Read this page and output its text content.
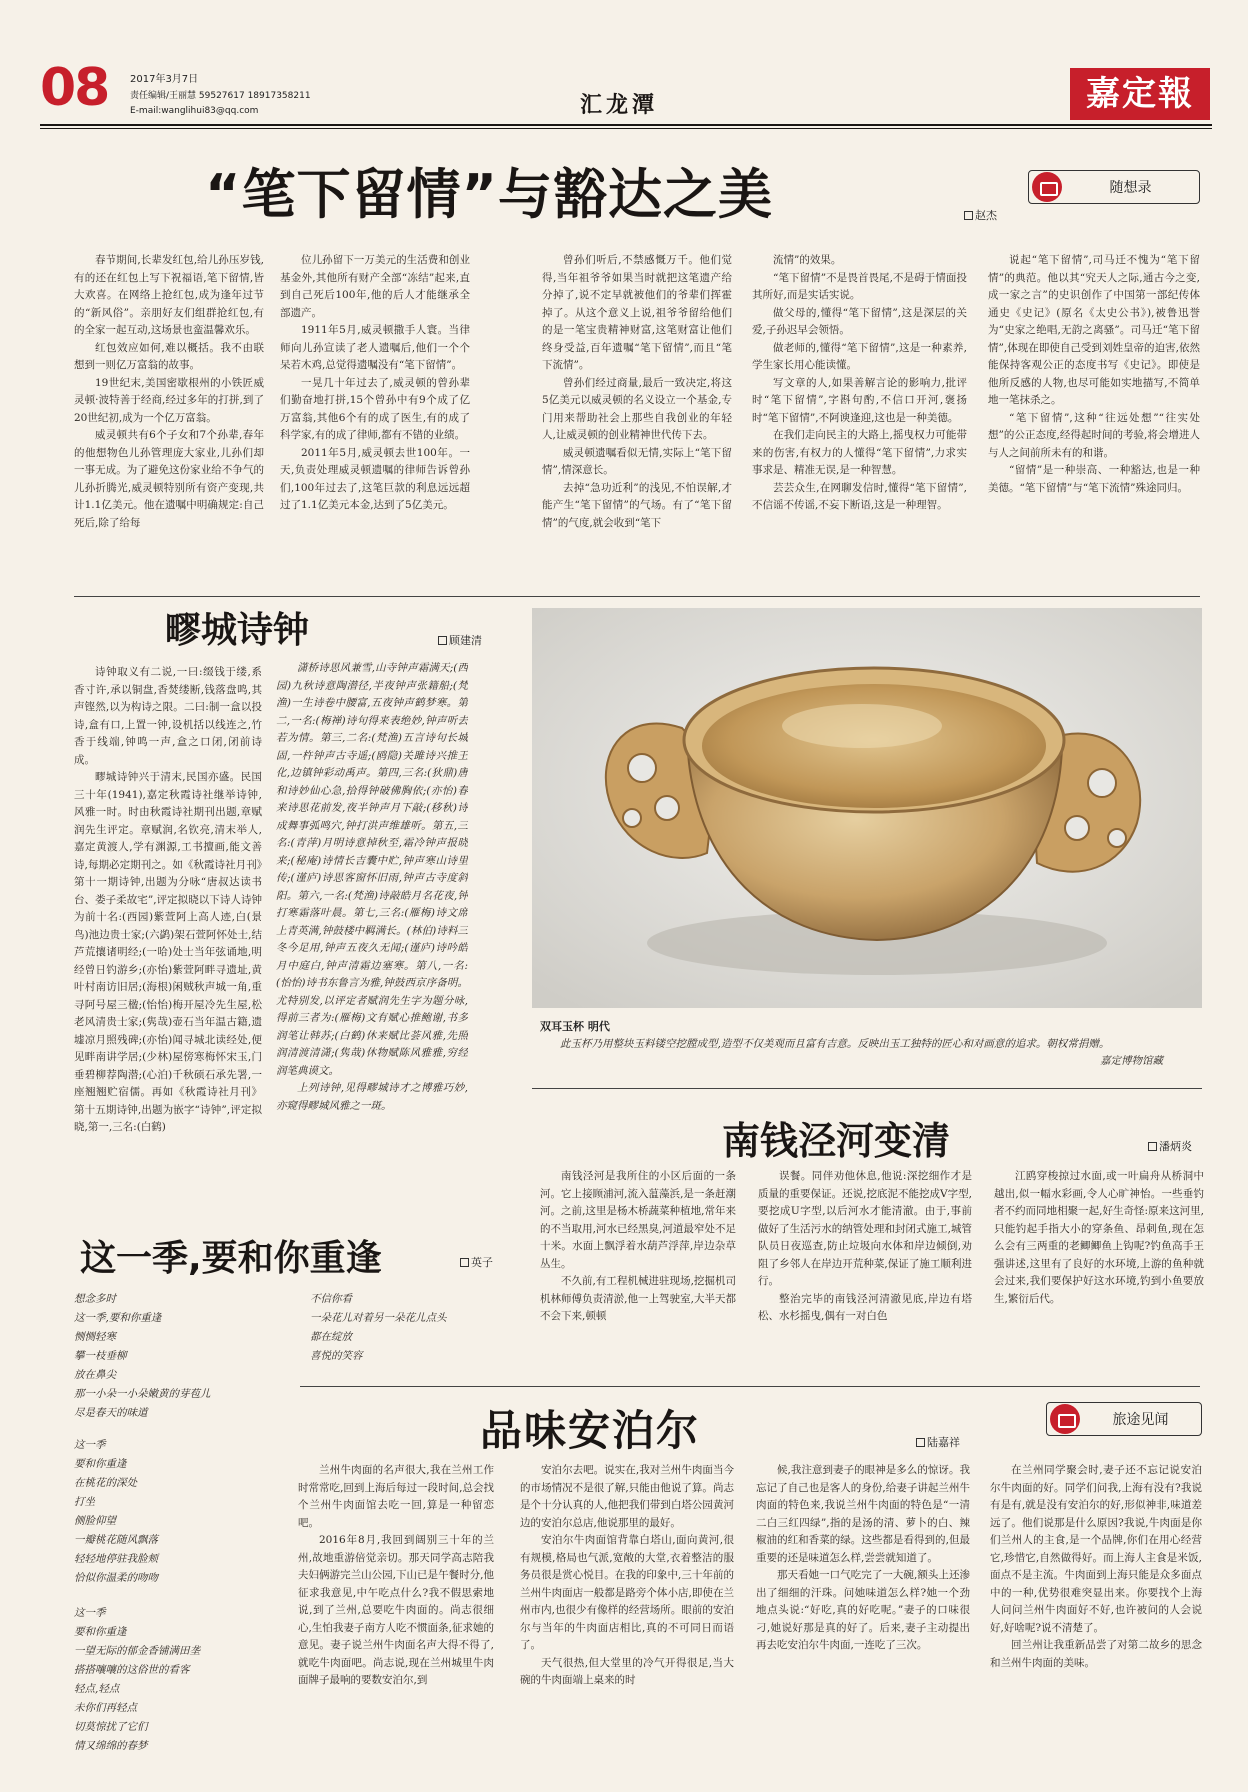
08 2017年3月7日
责任编辑/王丽慧 59527617 18917358211
E-mail:wanglihui83@qq.com	汇龙潭	嘉定報
“笔下留情”与豁达之美	随想录
赵杰

春节期间,长辈发红包,给儿孙压岁钱,有的还在红包上写下祝福语,笔下留情,皆大欢喜。在网络上抢红包,成为逢年过节的“新风俗”。亲朋好友们组群抢红包,有的全家一起互动,这场景也蛮温馨欢乐。

红包效应如何,难以概括。我不由联想到一则亿万富翁的故事。

19世纪末,美国密歇根州的小铁匠威灵顿·波特善于经商,经过多年的打拼,到了20世纪初,成为一个亿万富翁。

威灵顿共有6个子女和7个孙辈,春年的他想物色儿孙管理庞大家业,儿孙们却一事无成。为了避免这份家业给不争气的儿孙折腾光,威灵顿特别所有资产变现,共计1.1亿美元。他在遗嘱中明确规定:自己死后,除了给每

位儿孙留下一万美元的生活费和创业基金外,其他所有财产全部“冻结”起来,直到自己死后100年,他的后人才能继承全部遗产。

1911年5月,威灵顿撒手人寰。当律师向儿孙宣读了老人遗嘱后,他们一个个呆若木鸡,总觉得遗嘱没有“笔下留情”。

一晃几十年过去了,威灵顿的曾孙辈们勤奋地打拼,15个曾孙中有9个成了亿万富翁,其他6个有的成了医生,有的成了科学家,有的成了律师,都有不错的业绩。

2011年5月,威灵顿去世100年。一天,负责处理威灵顿遗嘱的律师告诉曾孙们,100年过去了,这笔巨款的利息远远超过了1.1亿美元本金,达到了5亿美元。

曾孙们听后,不禁感慨万千。他们觉得,当年祖爷爷如果当时就把这笔遗产给分掉了,说不定早就被他们的爷辈们挥霍掉了。从这个意义上说,祖爷爷留给他们的是一笔宝贵精神财富,这笔财富让他们终身受益,百年遗嘱“笔下留情”,而且“笔下流情”。

曾孙们经过商量,最后一致决定,将这5亿美元以威灵顿的名义设立一个基金,专门用来帮助社会上那些自我创业的年轻人,让威灵顿的创业精神世代传下去。

威灵顿遗嘱看似无情,实际上“笔下留情”,情深意长。

去掉“急功近利”的浅见,不怕误解,才能产生“笔下留情”的气场。有了“笔下留情”的气度,就会收到“笔下

流情”的效果。

“笔下留情”不是畏首畏尾,不是碍于情面投其所好,而是实话实说。

做父母的,懂得“笔下留情”,这是深层的关爱,子孙迟早会领悟。

做老师的,懂得“笔下留情”,这是一种素养,学生家长用心能读懂。

写文章的人,如果善解言论的影响力,批评时“笔下留情”,字斟句酌,不信口开河,褒扬时“笔下留情”,不阿谀逢迎,这也是一种美德。

在我们走向民主的大路上,摇曳权力可能带来的伤害,有权力的人懂得“笔下留情”,力求实事求是、精准无误,是一种智慧。

芸芸众生,在网聊发信时,懂得“笔下留情”,不信谣不传谣,不妄下断语,这是一种理智。

说起“笔下留情”,司马迁不愧为“笔下留情”的典范。他以其“究天人之际,通古今之变,成一家之言”的史识创作了中国第一部纪传体通史《史记》(原名《太史公书》),被鲁迅誉为“史家之绝唱,无韵之离骚”。司马迁“笔下留情”,体现在即使自己受到刘姓皇帝的迫害,依然能保持客观公正的态度书写《史记》。即使是他所反感的人物,也尽可能如实地描写,不简单地一笔抹杀之。

“笔下留情”,这种“往远处想”“往实处想”的公正态度,经得起时间的考验,将会增进人与人之间前所未有的和谐。

“留情”是一种崇高、一种豁达,也是一种美德。“笔下留情”与“笔下流情”殊途同归。

疁城诗钟	顾建清

诗钟取义有二说,一曰:缀钱于缕,系香寸许,承以铜盘,香焚缕断,钱落盘鸣,其声铿然,以为构诗之限。二曰:制一盒以投诗,盒有口,上置一钟,设机括以线连之,竹香于线端,钟鸣一声,盒之口闭,闭前诗成。

疁城诗钟兴于清末,民国亦盛。民国三十年(1941),嘉定秋霞诗社继举诗钟,风雅一时。时由秋霞诗社期刊出题,章赋润先生评定。章赋润,名钦亮,清末举人,嘉定黄渡人,学有渊源,工书擅画,能文善诗,每期必定期刊之。如《秋霞诗社月刊》第十一期诗钟,出题为分咏“唐叔达读书台、娄子柔故宅”,评定拟晓以下诗人诗钟为前十名:(西园)紫萱阿上高人迹,白(景鸟)池边贵士家;(六鹢)架石萱阿怀处士,结芦荒攘诸明经;(一哈)处士当年弦诵地,明经曾日钓游乡;(亦怡)紫萱阿畔寻遗址,黄叶村南访旧居;(海根)闲贼秋声城一角,重寻阿号屋三楹;(怡怡)梅开屋冷先生屋,松老风清贵士家;(隽哉)壶石当年温古籍,遗墟凉月照残碑;(亦怡)闻寻城北读经处,便见畔南讲学居;(少林)屋傍寒梅怀宋玉,门垂碧柳荐陶潜;(心泊)千秋硕石承先署,一座翘翘贮宿儒。再如《秋霞诗社月刊》第十五期诗钟,出题为嵌字“诗钟”,评定拟晓,第一,三名:(白鹤)

潇桥诗思风兼雪,山寺钟声霜满天;(西园)九秋诗意陶潜径,半夜钟声张籍船;(梵渔)一生诗卷中腰富,五夜钟声鹤梦寒。第二,一名:(梅禅)诗句得来表绝妙,钟声听去若为情。第三,二名:(梵渔)五言诗句长城固,一杵钟声古寺遥;(鸥隐)关雎诗兴推王化,边镇钟彩动禹声。第四,三名:(狄鼎)唐和诗妙仙心急,拾得钟破佛胸依;(亦怡)春来诗思花前发,夜半钟声月下敲;(移秋)诗成舞事弧鸣穴,钟打洪声维雄听。第五,三名:(青萍)月明诗意掉秋至,霜冷钟声报晓来;(秘庵)诗情长吉囊中贮,钟声寒山诗里传;(谨庐)诗思客窗怀旧雨,钟声古寺度斜阳。第六,一名:(梵渔)诗敲皓月名花夜,钟打寒霜落叶晨。第七,三名:(雁梅)诗文席上青英满,钟鼓楼中羁满长。(林伯)诗料三冬今足用,钟声五夜久无闻;(谨庐)诗吟皓月中庭白,钟声清霜边塞寒。第八,一名:(怡怡)诗书东鲁言为雅,钟鼓西京序备明。尤特别发,以评定者赋润先生字为题分咏,得前三者为:(雁梅)文有赋心推鲍谢,书多润笔让韩苏;(白鹤)休来赋比荟风雅,先照润清渡清潇;(隽哉)休物赋陈风雅雅,穷经润笔典谟文。

上列诗钟,见得疁城诗才之博雅巧妙,亦窥得疁城风雅之一斑。

双耳玉杯 明代
此玉杯乃用整块玉料镂空挖膛成型,造型不仅美观而且富有吉意。反映出玉工独特的匠心和对画意的追求。朝权常捐赠。
嘉定博物馆藏
南钱泾河变清	潘炳炎

南钱泾河是我所住的小区后面的一条河。它上接顾浦河,流入蕰藻浜,是一条赶潮河。之前,这里是杨木桥蔬菜种植地,常年来的不当取用,河水已经黑臭,河道最窄处不足十米。水面上飘浮着水葫芦浮萍,岸边杂草丛生。

不久前,有工程机械进驻现场,挖掘机司机林师傅负责清淤,他一上驾驶室,大半天都不会下来,顿顿

误餐。同伴劝他休息,他说:深挖细作才是质量的重要保证。还说,挖底泥不能挖成V字型,要挖成U字型,以后河水才能清澈。由于,事前做好了生活污水的纳管处理和封闭式施工,城管队员日夜巡查,防止垃圾向水体和岸边倾倒,劝阻了乡邻人在岸边开荒种菜,保证了施工顺利进行。

整治完毕的南钱泾河清澈见底,岸边有塔松、水杉摇曳,偶有一对白色

江鸥穿梭掠过水面,或一叶扁舟从桥洞中越出,似一幅水彩画,令人心旷神怡。一些垂钓者不约而同地相聚一起,好生奇怪:原来这河里,只能钓起手指大小的穿条鱼、昂刺鱼,现在怎么会有三两重的老鲫鲫鱼上钩呢?钓鱼高手王强讲述,这里有了良好的水环境,上游的鱼种就会过来,我们要保护好这水环境,钓到小鱼要放生,繁衍后代。

这一季,要和你重逢	英子
想念多时
这一季,要和你重逢
恻恻轻寒
攀一枝垂柳
放在鼻尖
那一小朵一小朵嫩黄的芽苞儿
尽是春天的味道
不信你看
一朵花儿对着另一朵花儿点头
都在绽放
喜悦的笑容
这一季
要和你重逢
在桃花的深处
打坐
侧脸仰望
一瓣桃花随风飘落
轻轻地停驻我脸颊
恰似你温柔的吻吻
这一季
要和你重逢
一望无际的郁金香铺满田垄
搭搭嚷嚷的这俗世的看客
轻点,轻点
未你们再轻点
切莫惊扰了它们
情又绵绵的春梦
品味安泊尔	旅途见闻
陆嘉祥

兰州牛肉面的名声很大,我在兰州工作时常常吃,回到上海后每过一段时间,总会找个兰州牛肉面馆去吃一回,算是一种留恋吧。

2016年8月,我回到阔别三十年的兰州,故地重游倍觉亲切。那天同学高志陪我夫妇俩游完兰山公园,下山已是午餐时分,他征求我意见,中午吃点什么?我不假思索地说,到了兰州,总要吃牛肉面的。尚志很细心,生怕我妻子南方人吃不惯面条,征求她的意见。妻子说兰州牛肉面名声大得不得了,就吃牛肉面吧。尚志说,现在兰州城里牛肉面牌子最响的要数安泊尔,到

安泊尔去吧。说实在,我对兰州牛肉面当今的市场情况不是很了解,只能由他说了算。尚志是个十分认真的人,他把我们带到白塔公园黄河边的安泊尔总店,他说那里的最好。

安泊尔牛肉面馆背靠白塔山,面向黄河,很有规模,格局也气派,宽敞的大堂,衣着整洁的服务员很是赏心悦目。在我的印象中,三十年前的兰州牛肉面店一般都是路旁个体小店,即使在兰州市内,也很少有像样的经营场所。眼前的安泊尔与当年的牛肉面店相比,真的不可同日而语了。

天气很热,但大堂里的冷气开得很足,当大碗的牛肉面端上桌来的时

候,我注意到妻子的眼神是多么的惊讶。我忘记了自己也是客人的身份,给妻子讲起兰州牛肉面的特色来,我说兰州牛肉面的特色是“一清二白三红四绿”,指的是汤的清、萝卜的白、辣椒油的红和香菜的绿。这些都是看得到的,但最重要的还是味道怎么样,尝尝就知道了。

那天看她一口气吃完了一大碗,额头上还渗出了细细的汗珠。问她味道怎么样?她一个劲地点头说:“好吃,真的好吃呢。”妻子的口味很刁,她说好那是真的好了。后来,妻子主动提出再去吃安泊尔牛肉面,一连吃了三次。

在兰州同学聚会时,妻子还不忘记说安泊尔牛肉面的好。同学们问我,上海有没有?我说有是有,就是没有安泊尔的好,形似神非,味道差远了。他们说那是什么原因?我说,牛肉面是你们兰州人的主食,是一个品牌,你们在用心经营它,珍惜它,自然做得好。而上海人主食是米饭,面点不是主流。牛肉面到上海只能是众多面点中的一种,优势很难突显出来。你要找个上海人问问兰州牛肉面好不好,也许被问的人会说好,好啥呢?说不清楚了。

回兰州让我重新品尝了对第二故乡的思念和兰州牛肉面的美味。
